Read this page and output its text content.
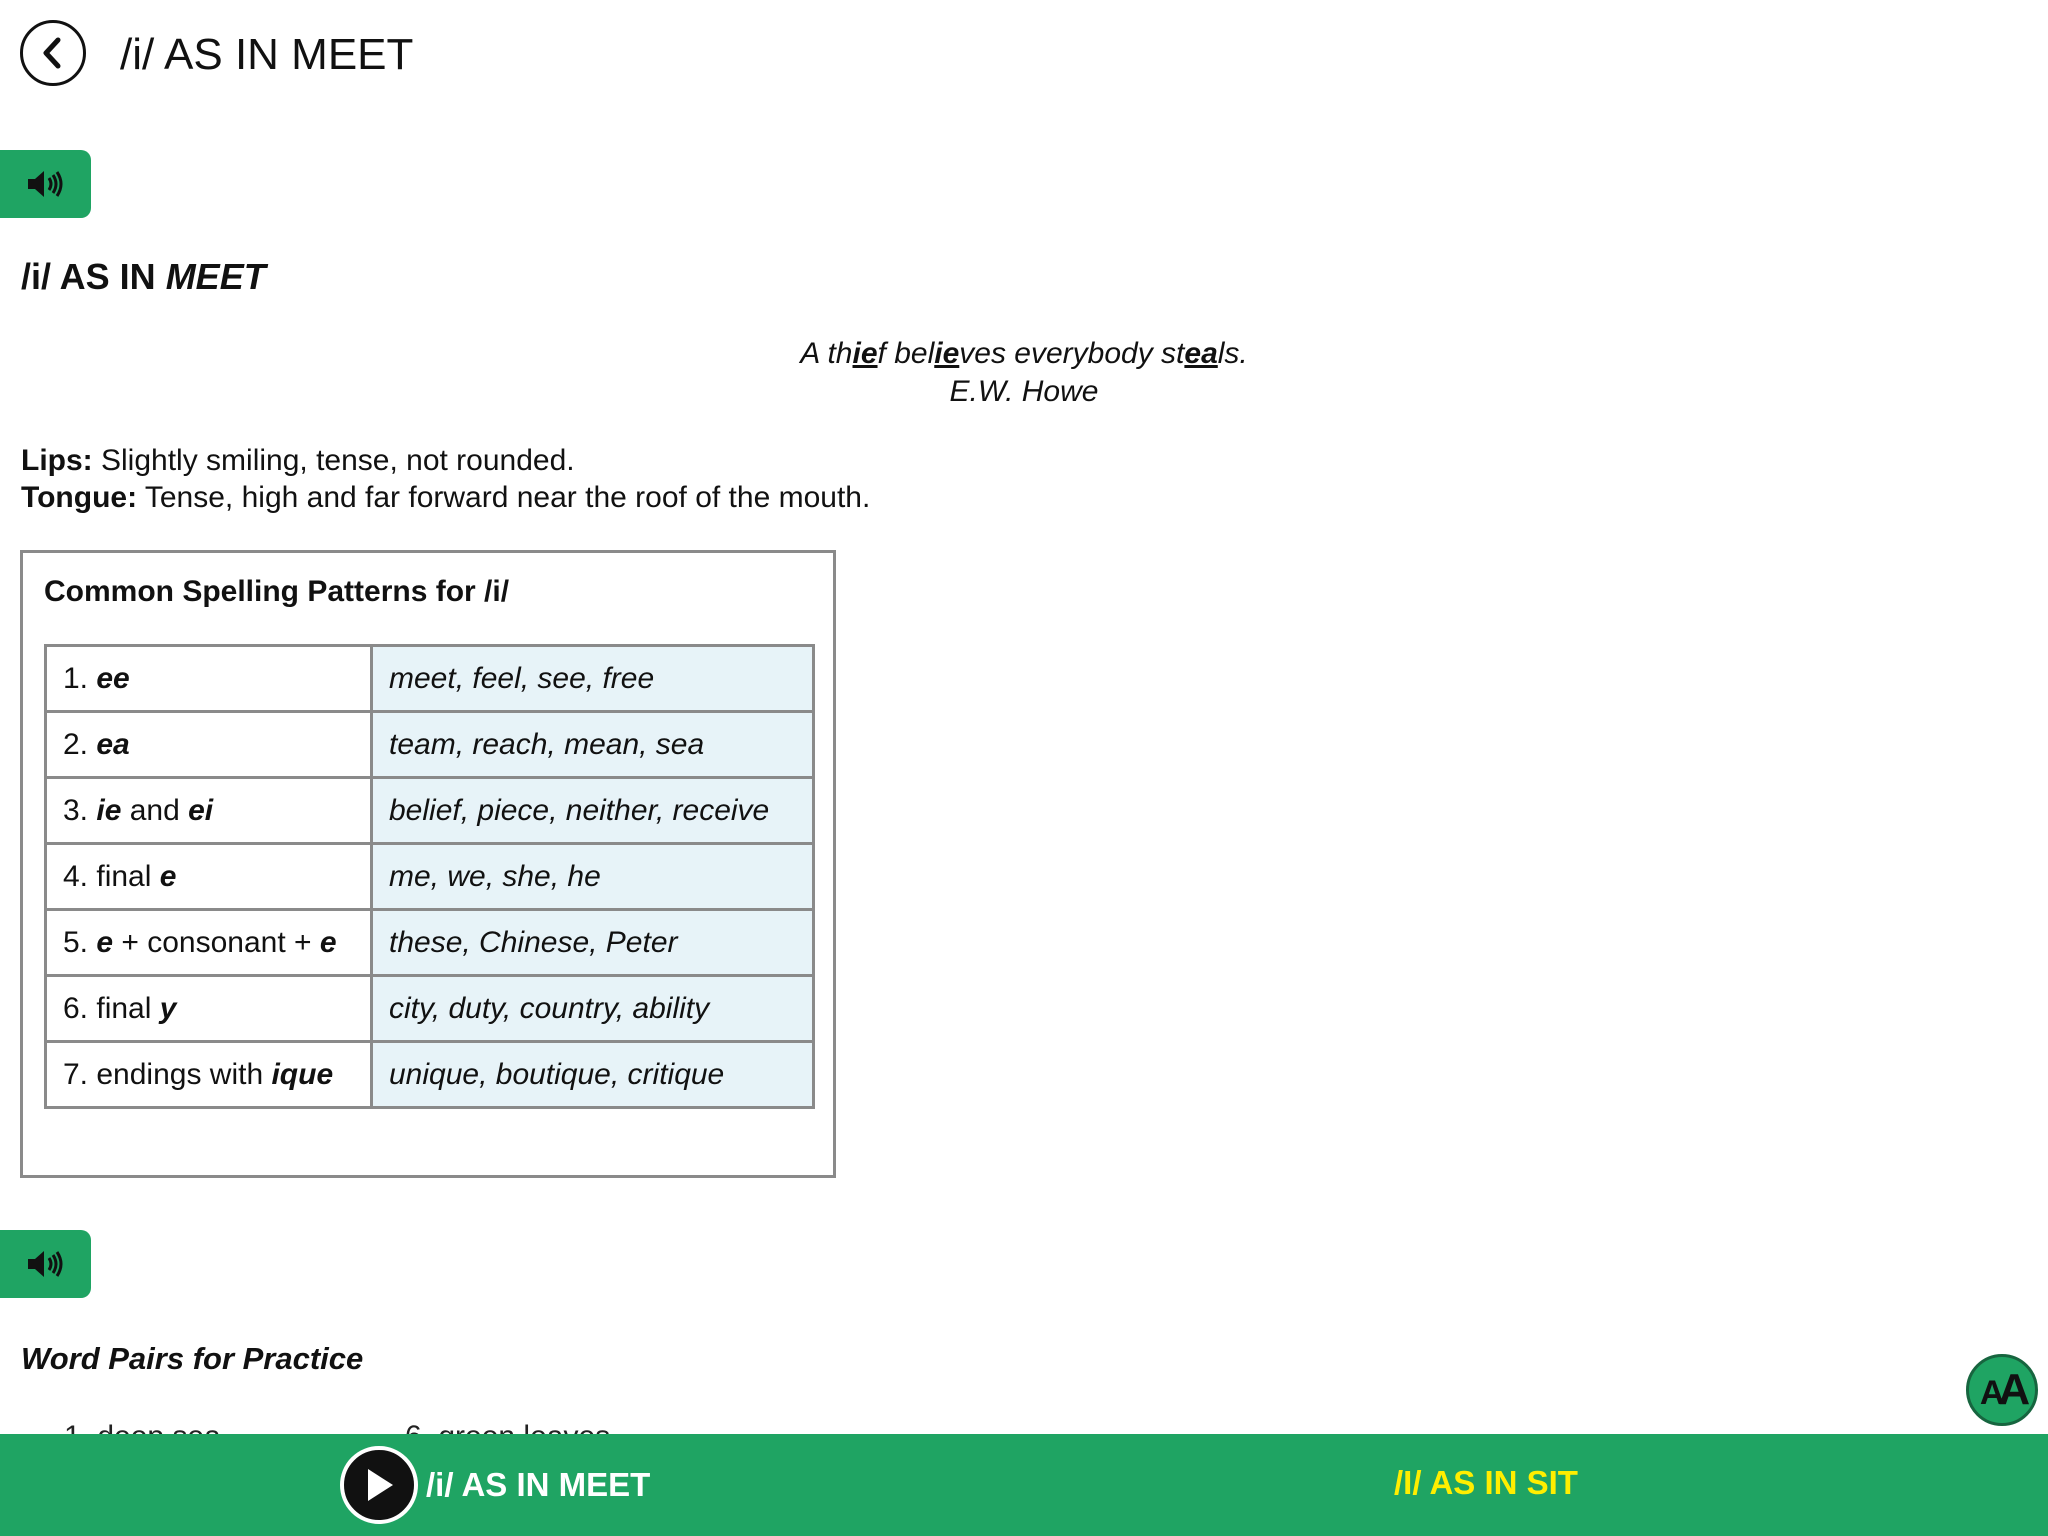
/i/ AS IN MEET
/i/ AS IN MEET
A thief believes everybody steals.
E.W. Howe
Lips: Slightly smiling, tense, not rounded.
Tongue: Tense, high and far forward near the roof of the mouth.
Common Spelling Patterns for /i/
1. ee	meet, feel, see, free
2. ea	team, reach, mean, sea
3. ie and ei	belief, piece, neither, receive
4. final e	me, we, she, he
5. e + consonant + e	these, Chinese, Peter
6. final y	city, duty, country, ability
7. endings with ique	unique, boutique, critique
Word Pairs for Practice
AA
/i/ AS IN MEET	/I/ AS IN SIT
